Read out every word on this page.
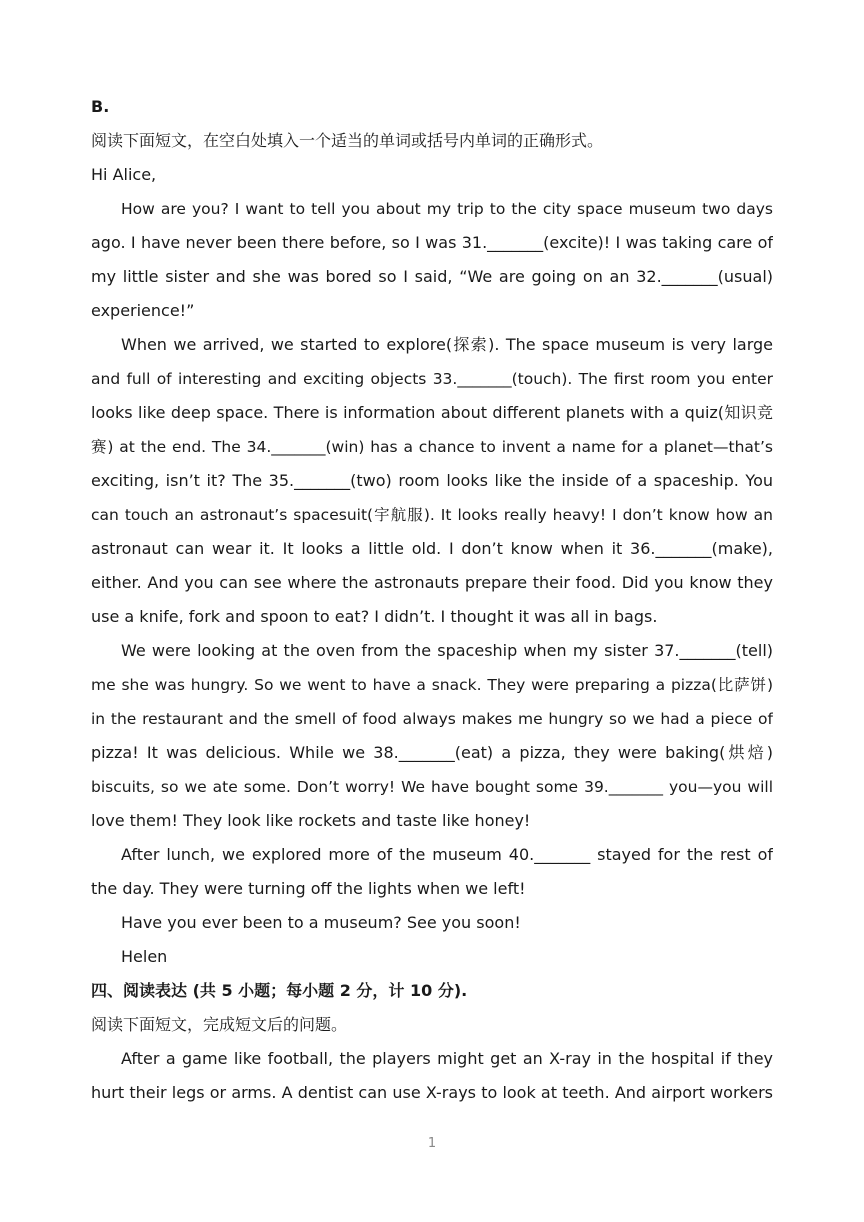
B.
阅读下面短文，在空白处填入一个适当的单词或括号内单词的正确形式。
Hi Alice,
How are you? I want to tell you about my trip to the city space museum two days
ago. I have never been there before, so I was 31._______(excite)! I was taking care of
my little sister and she was bored so I said, “We are going on an 32._______(usual)
experience!”
When we arrived, we started to explore(探索). The space museum is very large
and full of interesting and exciting objects 33._______(touch). The first room you enter
looks like deep space. There is information about different planets with a quiz(知识竞
赛) at the end. The 34._______(win) has a chance to invent a name for a planet—that’s
exciting, isn’t it? The 35._______(two) room looks like the inside of a spaceship. You
can touch an astronaut’s spacesuit(宇航服). It looks really heavy! I don’t know how an
astronaut can wear it. It looks a little old. I don’t know when it 36._______(make),
either. And you can see where the astronauts prepare their food. Did you know they
use a knife, fork and spoon to eat? I didn’t. I thought it was all in bags.
We were looking at the oven from the spaceship when my sister 37._______(tell)
me she was hungry. So we went to have a snack. They were preparing a pizza(比萨饼)
in the restaurant and the smell of food always makes me hungry so we had a piece of
pizza! It was delicious. While we 38._______(eat) a pizza, they were baking(烘焙)
biscuits, so we ate some. Don’t worry! We have bought some 39._______ you—you will
love them! They look like rockets and taste like honey!
After lunch, we explored more of the museum 40._______ stayed for the rest of
the day. They were turning off the lights when we left!
Have you ever been to a museum? See you soon!
Helen
四、阅读表达 (共 5 小题；每小题 2 分，计 10 分).
阅读下面短文，完成短文后的问题。
After a game like football, the players might get an X-ray in the hospital if they
hurt their legs or arms. A dentist can use X-rays to look at teeth. And airport workers
1
